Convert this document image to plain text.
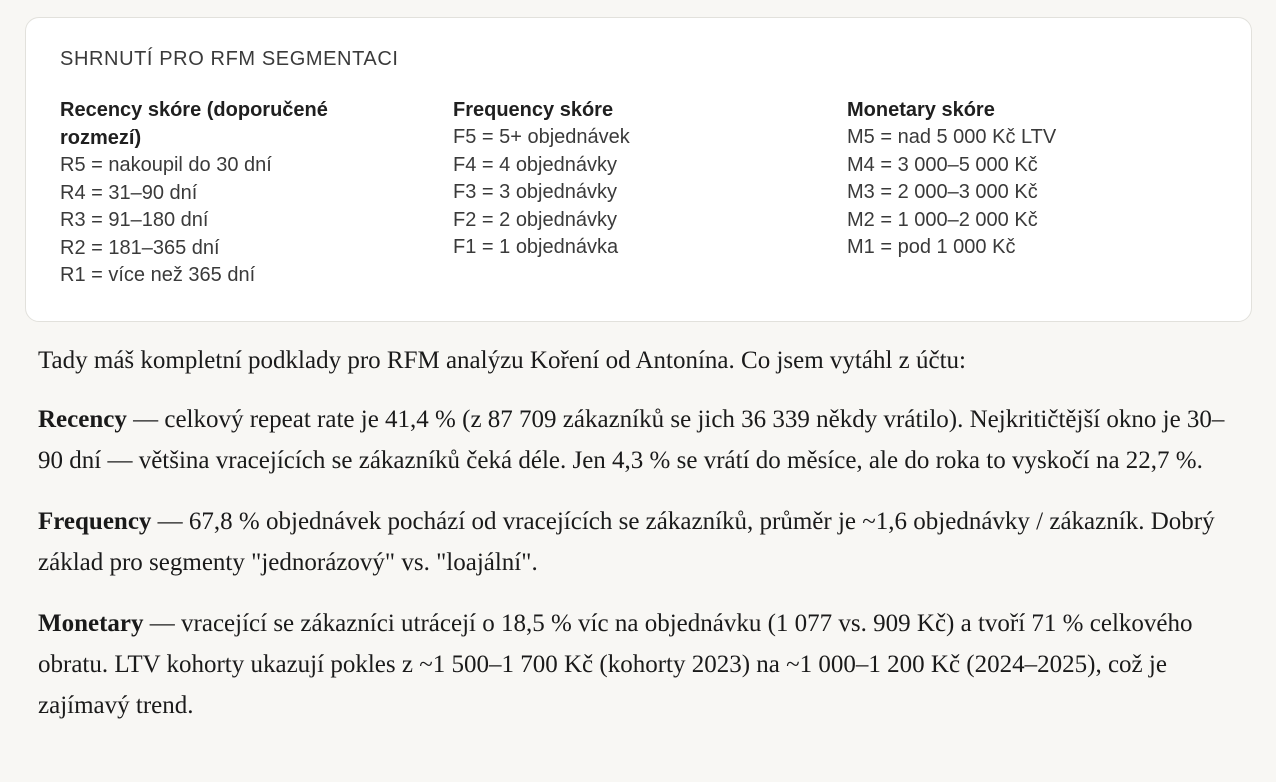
SHRNUTÍ PRO RFM SEGMENTACI
Recency skóre (doporučené rozmezí)
R5 = nakoupil do 30 dní
R4 = 31–90 dní
R3 = 91–180 dní
R2 = 181–365 dní
R1 = více než 365 dní
Frequency skóre
F5 = 5+ objednávek
F4 = 4 objednávky
F3 = 3 objednávky
F2 = 2 objednávky
F1 = 1 objednávka
Monetary skóre
M5 = nad 5 000 Kč LTV
M4 = 3 000–5 000 Kč
M3 = 2 000–3 000 Kč
M2 = 1 000–2 000 Kč
M1 = pod 1 000 Kč

Tady máš kompletní podklady pro RFM analýzu Koření od Antonína. Co jsem vytáhl z účtu:

Recency — celkový repeat rate je 41,4 % (z 87 709 zákazníků se jich 36 339 někdy vrátilo). Nejkritičtější okno je 30–90 dní — většina vracejících se zákazníků čeká déle. Jen 4,3 % se vrátí do měsíce, ale do roka to vyskočí na 22,7 %.

Frequency — 67,8 % objednávek pochází od vracejících se zákazníků, průměr je ~1,6 objednávky / zákazník. Dobrý základ pro segmenty "jednorázový" vs. "loajální".

Monetary — vracející se zákazníci utrácejí o 18,5 % víc na objednávku (1 077 vs. 909 Kč) a tvoří 71 % celkového obratu. LTV kohorty ukazují pokles z ~1 500–1 700 Kč (kohorty 2023) na ~1 000–1 200 Kč (2024–2025), což je zajímavý trend.
